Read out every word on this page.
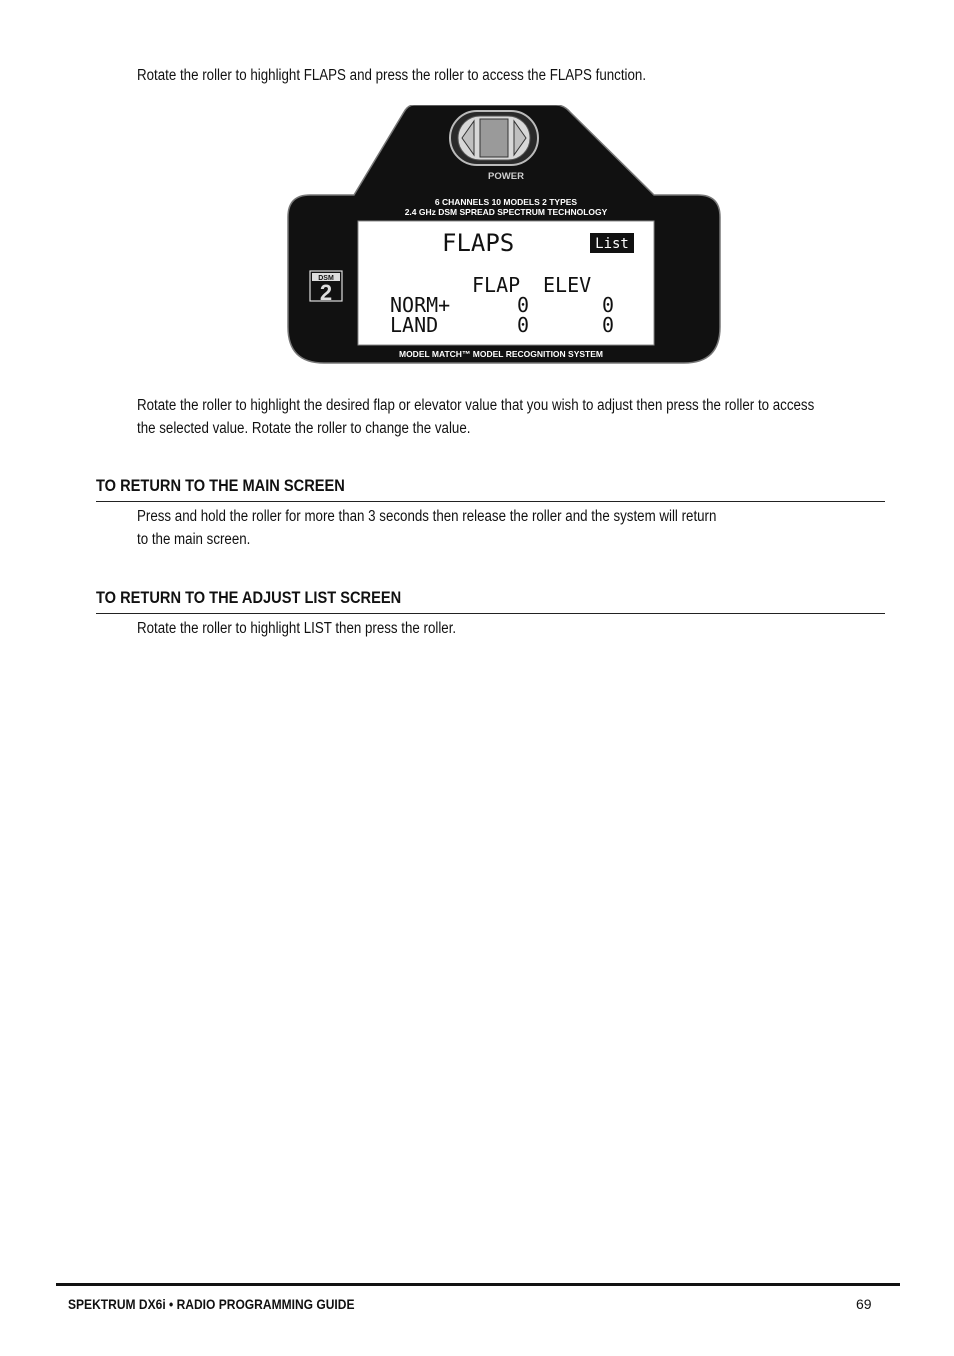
Rotate the roller to highlight FLAPS and press the roller to access the FLAPS function.

POWER
6 CHANNELS 10 MODELS 2 TYPES
2.4 GHz DSM SPREAD SPECTRUM TECHNOLOGY
DSM
2
FLAPS	List
FLAP ELEV
NORM+	0	0
LAND	0	0
MODEL MATCH™ MODEL RECOGNITION SYSTEM

Rotate the roller to highlight the desired flap or elevator value that you wish to adjust then press the roller to access

the selected value. Rotate the roller to change the value.

TO RETURN TO THE MAIN SCREEN

Press and hold the roller for more than 3 seconds then release the roller and the system will return

to the main screen.

TO RETURN TO THE ADJUST LIST SCREEN

Rotate the roller to highlight LIST then press the roller.

SPEKTRUM DX6i • RADIO PROGRAMMING GUIDE	69
